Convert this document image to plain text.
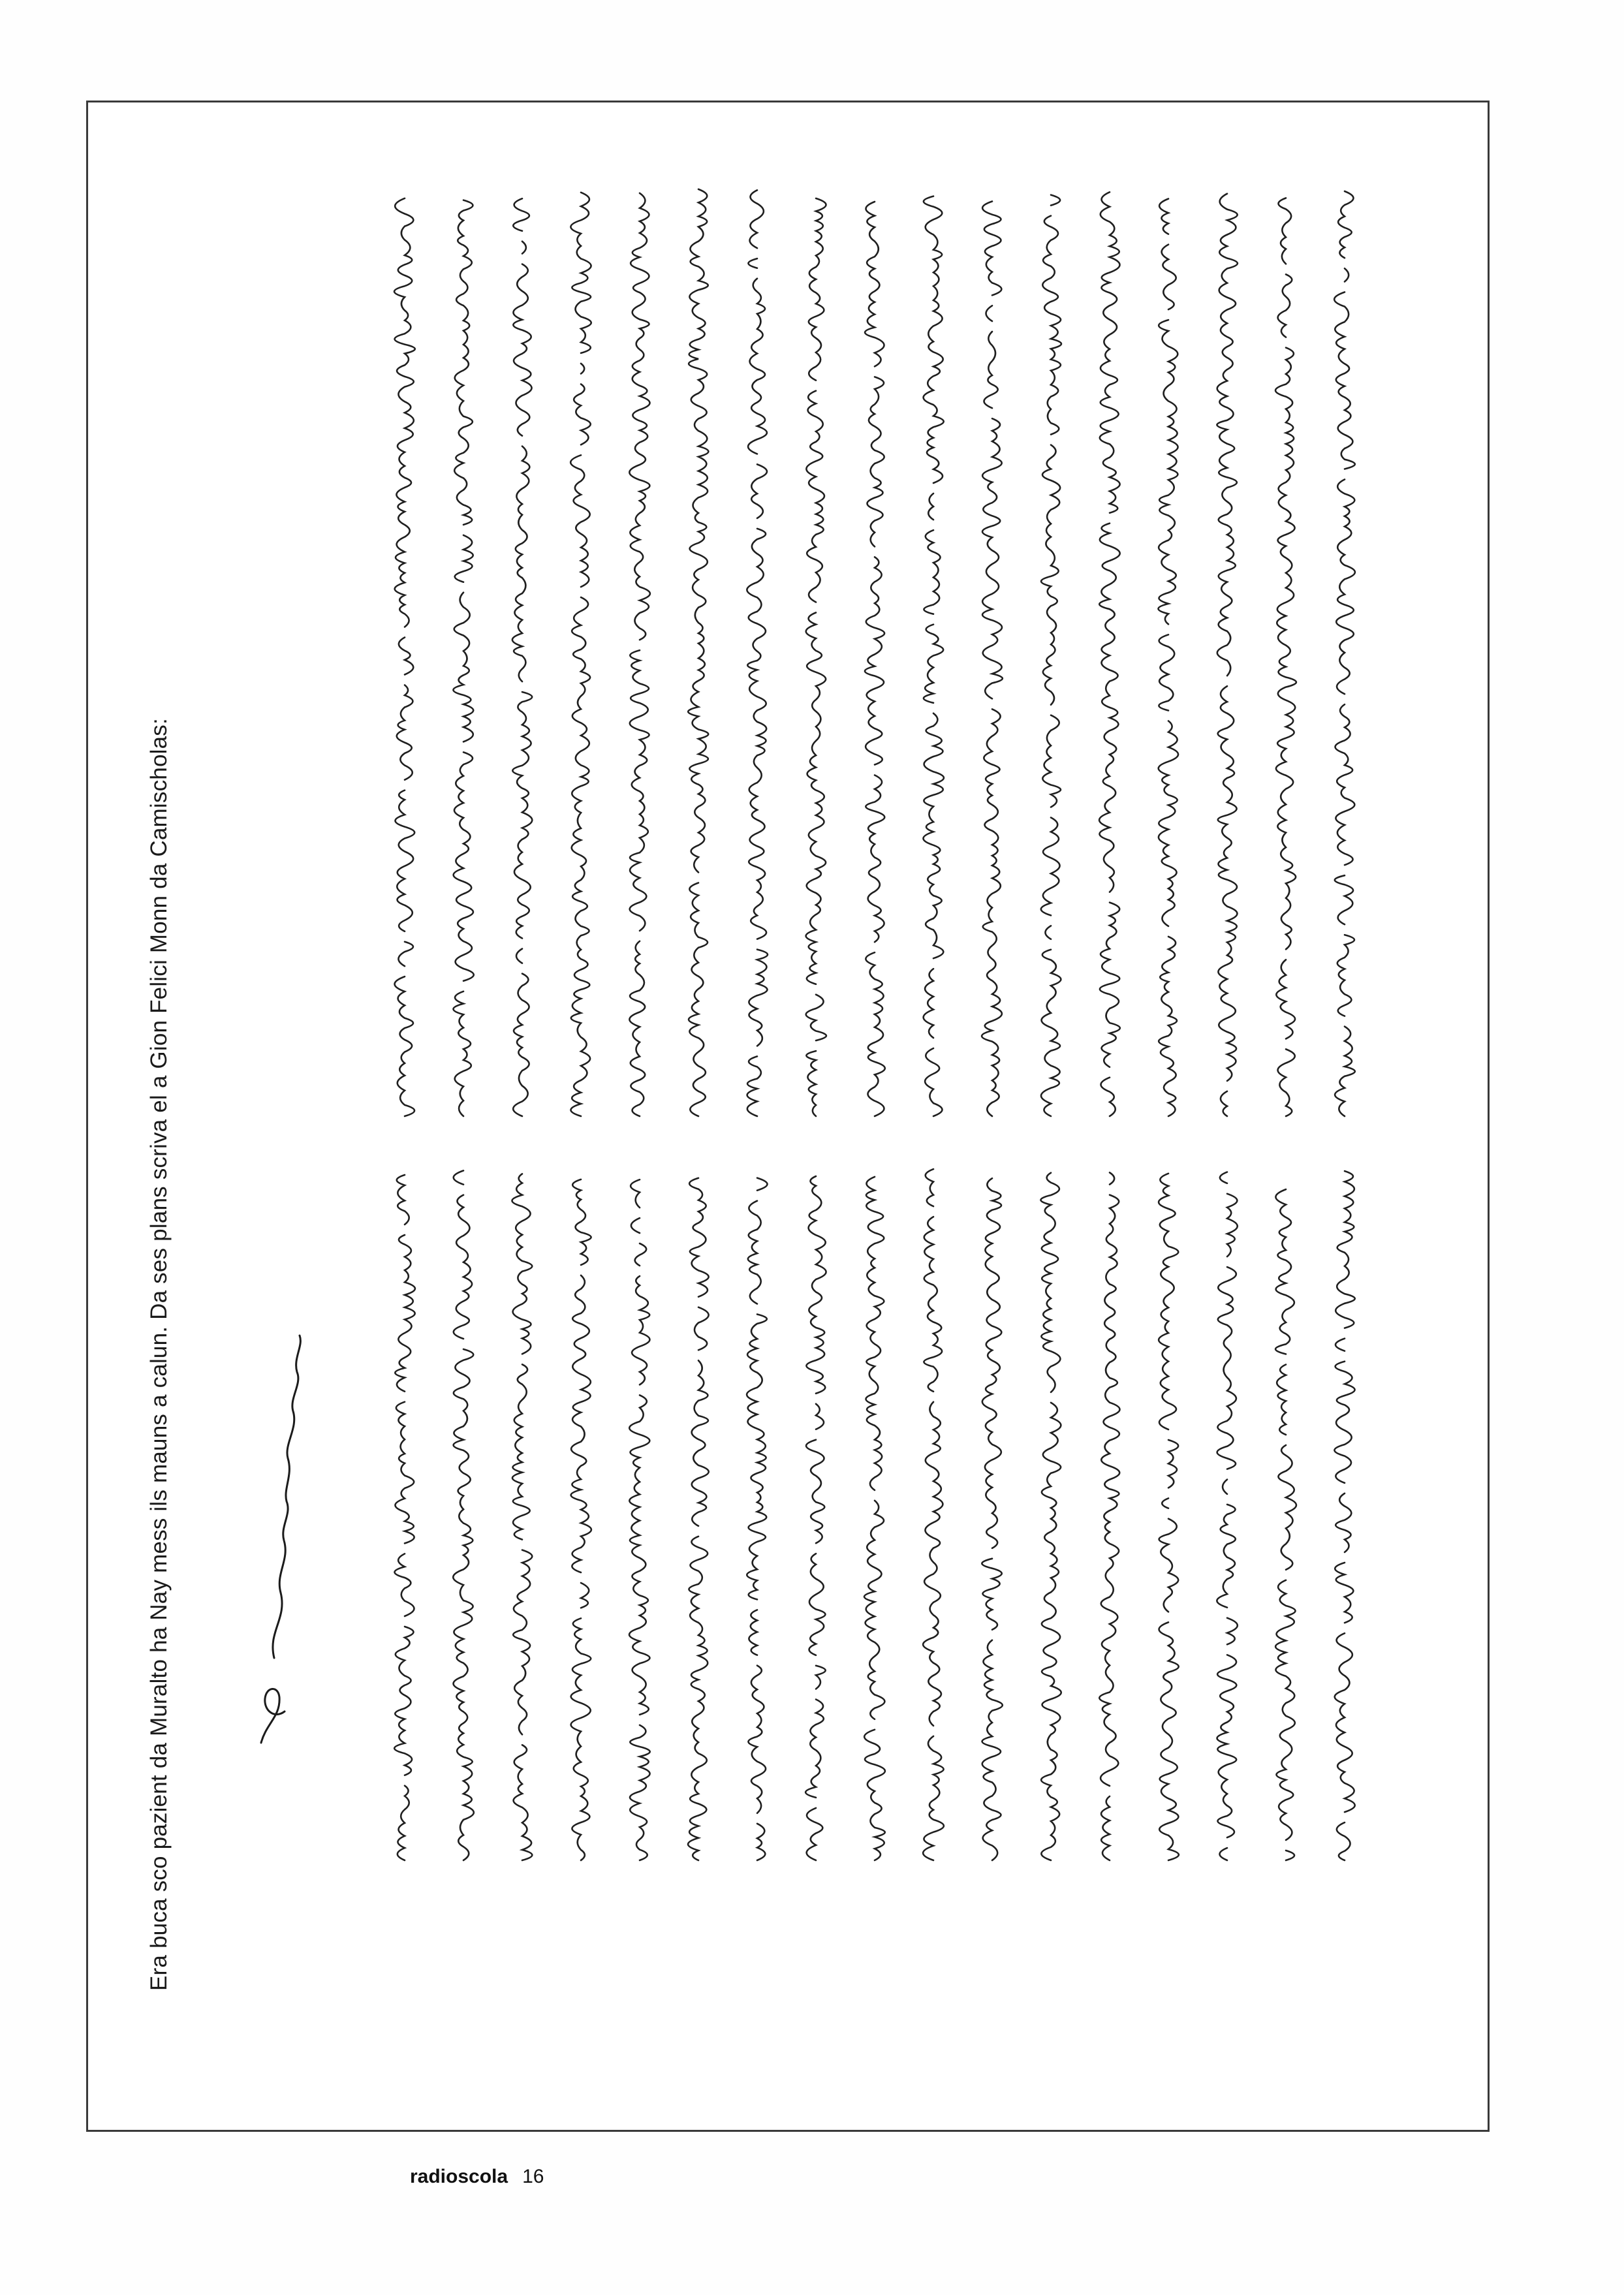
Era buca sco pazient da Muralto ha Nay mess ils mauns a calun. Da ses plans scriva el a Gion Felici Monn da Camischolas:
radioscola 16
